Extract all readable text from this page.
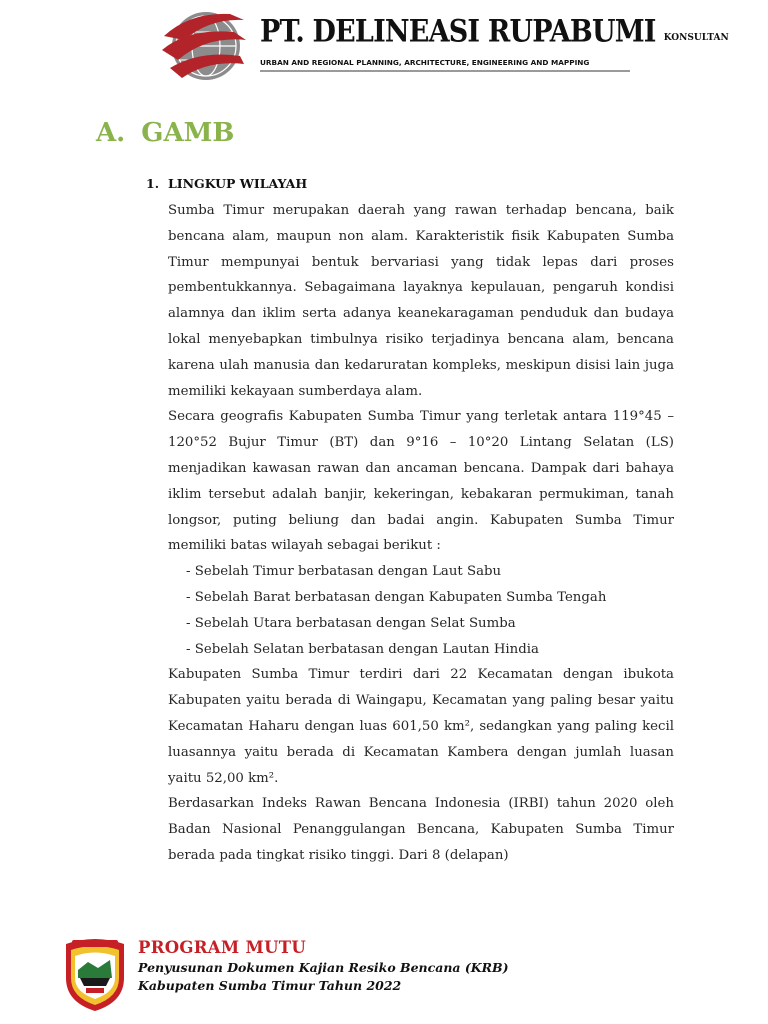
PT. DELINEASI RUPABUMI KONSULTAN
URBAN AND REGIONAL PLANNING, ARCHITECTURE, ENGINEERING AND MAPPING
A. GAMB
1. LINGKUP WILAYAH

Sumba Timur merupakan daerah yang rawan terhadap bencana, baik bencana alam, maupun non alam. Karakteristik fisik Kabupaten Sumba Timur mempunyai bentuk bervariasi yang tidak lepas dari proses pembentukkannya. Sebagaimana layaknya kepulauan, pengaruh kondisi alamnya dan iklim serta adanya keanekaragaman penduduk dan budaya lokal menyebapkan timbulnya risiko terjadinya bencana alam, bencana karena ulah manusia dan kedaruratan kompleks, meskipun disisi lain juga memiliki kekayaan sumberdaya alam.

Secara geografis Kabupaten Sumba Timur yang terletak antara 119°45 – 120°52 Bujur Timur (BT) dan 9°16 – 10°20 Lintang Selatan (LS) menjadikan kawasan rawan dan ancaman bencana. Dampak dari bahaya iklim tersebut adalah banjir, kekeringan, kebakaran permukiman, tanah longsor, puting beliung dan badai angin. Kabupaten Sumba Timur memiliki batas wilayah sebagai berikut :

- Sebelah Timur berbatasan dengan Laut Sabu
- Sebelah Barat berbatasan dengan Kabupaten Sumba Tengah
- Sebelah Utara berbatasan dengan Selat Sumba
- Sebelah Selatan berbatasan dengan Lautan Hindia

Kabupaten Sumba Timur terdiri dari 22 Kecamatan dengan ibukota Kabupaten yaitu berada di Waingapu, Kecamatan yang paling besar yaitu Kecamatan Haharu dengan luas 601,50 km², sedangkan yang paling kecil luasannya yaitu berada di Kecamatan Kambera dengan jumlah luasan yaitu 52,00 km².

Berdasarkan Indeks Rawan Bencana Indonesia (IRBI) tahun 2020 oleh Badan Nasional Penanggulangan Bencana, Kabupaten Sumba Timur berada pada tingkat risiko tinggi. Dari 8 (delapan)

PROGRAM MUTU
Penyusunan Dokumen Kajian Resiko Bencana (KRB)
Kabupaten Sumba Timur Tahun 2022
